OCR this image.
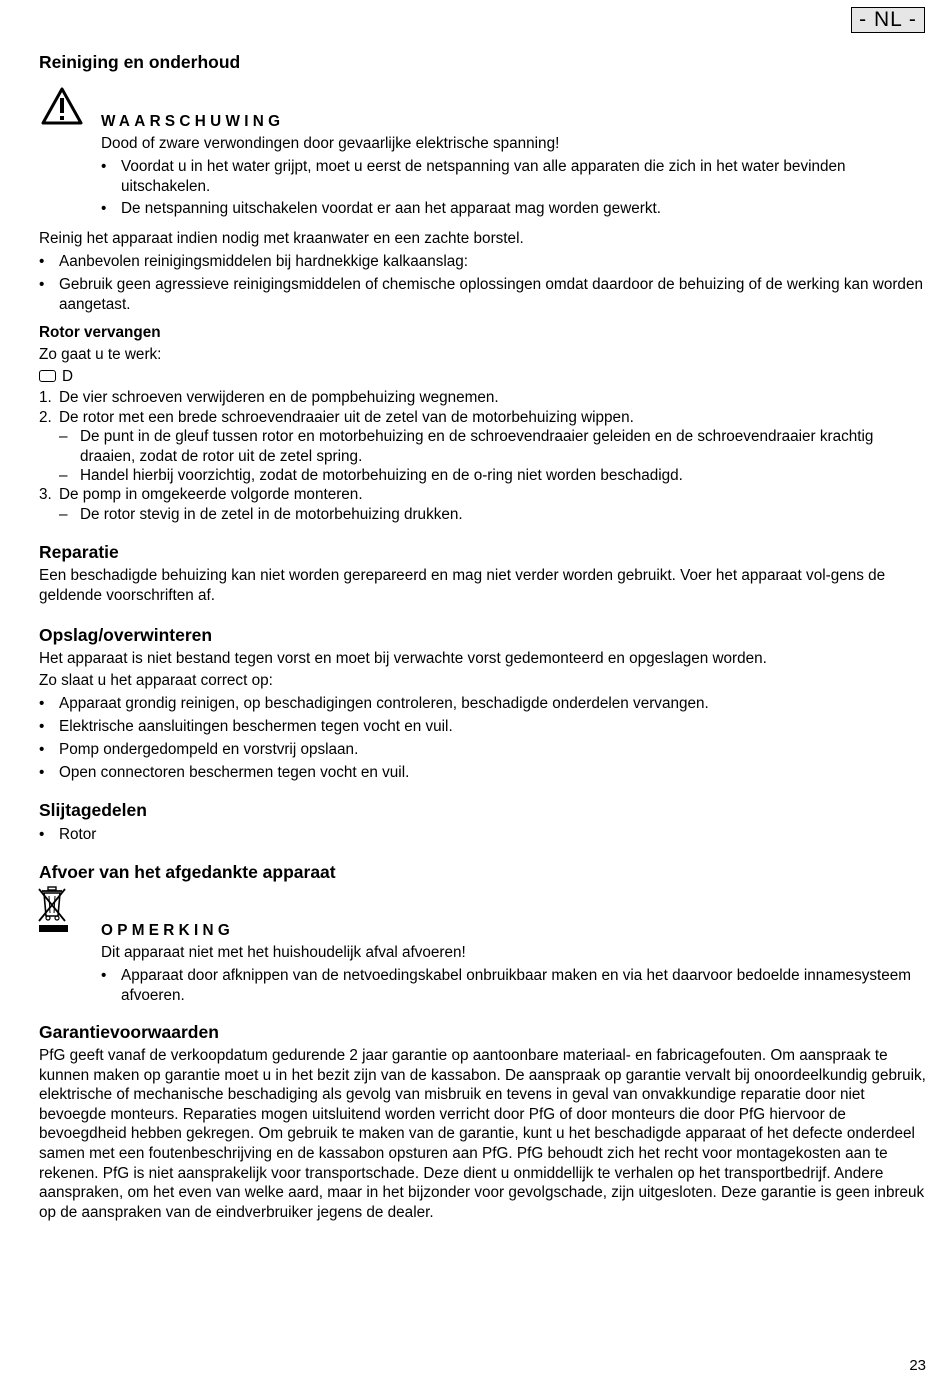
- NL -
Reiniging en onderhoud
WAARSCHUWING
Dood of zware verwondingen door gevaarlijke elektrische spanning!
• Voordat u in het water grijpt, moet u eerst de netspanning van alle apparaten die zich in het water bevinden uitschakelen.
• De netspanning uitschakelen voordat er aan het apparaat mag worden gewerkt.
Reinig het apparaat indien nodig met kraanwater en een zachte borstel.
• Aanbevolen reinigingsmiddelen bij hardnekkige kalkaanslag:
• Gebruik geen agressieve reinigingsmiddelen of chemische oplossingen omdat daardoor de behuizing of de werking kan worden aangetast.
Rotor vervangen
Zo gaat u te werk:
D
1. De vier schroeven verwijderen en de pompbehuizing wegnemen.
2. De rotor met een brede schroevendraaier uit de zetel van de motorbehuizing wippen.
– De punt in de gleuf tussen rotor en motorbehuizing en de schroevendraaier geleiden en de schroevendraaier krachtig draaien, zodat de rotor uit de zetel spring.
– Handel hierbij voorzichtig, zodat de motorbehuizing en de o-ring niet worden beschadigd.
3. De pomp in omgekeerde volgorde monteren.
– De rotor stevig in de zetel in de motorbehuizing drukken.
Reparatie
Een beschadigde behuizing kan niet worden gerepareerd en mag niet verder worden gebruikt. Voer het apparaat vol-gens de geldende voorschriften af.
Opslag/overwinteren
Het apparaat is niet bestand tegen vorst en moet bij verwachte vorst gedemonteerd en opgeslagen worden.
Zo slaat u het apparaat correct op:
• Apparaat grondig reinigen, op beschadigingen controleren, beschadigde onderdelen vervangen.
• Elektrische aansluitingen beschermen tegen vocht en vuil.
• Pomp ondergedompeld en vorstvrij opslaan.
• Open connectoren beschermen tegen vocht en vuil.
Slijtagedelen
• Rotor
Afvoer van het afgedankte apparaat
OPMERKING
Dit apparaat niet met het huishoudelijk afval afvoeren!
• Apparaat door afknippen van de netvoedingskabel onbruikbaar maken en via het daarvoor bedoelde innamesysteem afvoeren.
Garantievoorwaarden
PfG geeft vanaf de verkoopdatum gedurende 2 jaar garantie op aantoonbare materiaal- en fabricagefouten. Om aanspraak te kunnen maken op garantie moet u in het bezit zijn van de kassabon. De aanspraak op garantie vervalt bij onoordeelkundig gebruik, elektrische of mechanische beschadiging als gevolg van misbruik en tevens in geval van onvakkundige reparatie door niet bevoegde monteurs. Reparaties mogen uitsluitend worden verricht door PfG of door monteurs die door PfG hiervoor de bevoegdheid hebben gekregen. Om gebruik te maken van de garantie, kunt u het beschadigde apparaat of het defecte onderdeel samen met een foutenbeschrijving en de kassabon opsturen aan PfG. PfG behoudt zich het recht voor montagekosten aan te rekenen. PfG is niet aansprakelijk voor transportschade. Deze dient u onmiddellijk te verhalen op het transportbedrijf. Andere aanspraken, om het even van welke aard, maar in het bijzonder voor gevolgschade, zijn uitgesloten. Deze garantie is geen inbreuk op de aanspraken van de eindverbruiker jegens de dealer.
23
